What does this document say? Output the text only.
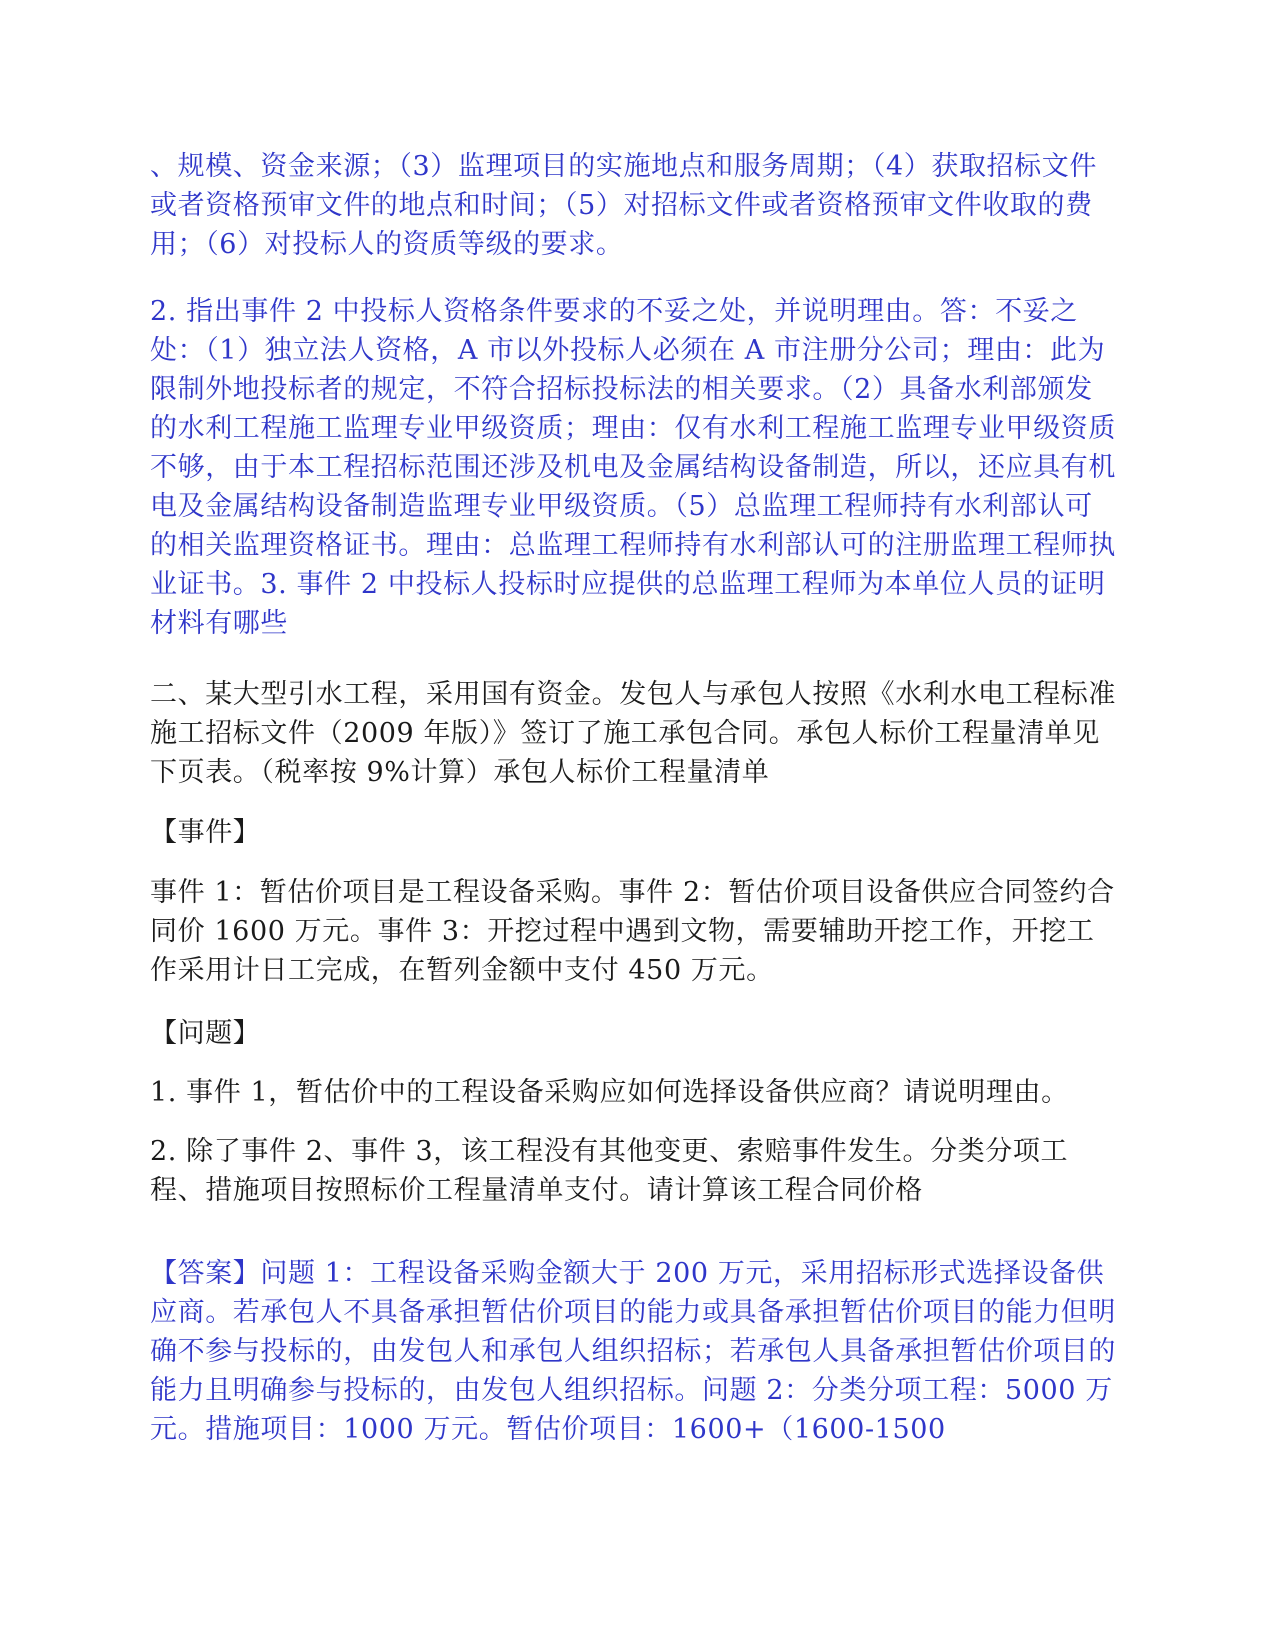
、规模、资金来源；（3）监理项目的实施地点和服务周期；（4）获取招标文件或者资格预审文件的地点和时间；（5）对招标文件或者资格预审文件收取的费用；（6）对投标人的资质等级的要求。

2. 指出事件 2 中投标人资格条件要求的不妥之处，并说明理由。答：不妥之处：（1）独立法人资格，A 市以外投标人必须在 A 市注册分公司；理由：此为限制外地投标者的规定，不符合招标投标法的相关要求。（2）具备水利部颁发的水利工程施工监理专业甲级资质；理由：仅有水利工程施工监理专业甲级资质不够，由于本工程招标范围还涉及机电及金属结构设备制造，所以，还应具有机电及金属结构设备制造监理专业甲级资质。（5）总监理工程师持有水利部认可的相关监理资格证书。理由：总监理工程师持有水利部认可的注册监理工程师执业证书。3. 事件 2 中投标人投标时应提供的总监理工程师为本单位人员的证明材料有哪些

二、某大型引水工程，采用国有资金。发包人与承包人按照《水利水电工程标准施工招标文件（2009 年版）》签订了施工承包合同。承包人标价工程量清单见下页表。（税率按 9%计算）承包人标价工程量清单

【事件】

事件 1：暂估价项目是工程设备采购。事件 2：暂估价项目设备供应合同签约合同价 1600 万元。事件 3：开挖过程中遇到文物，需要辅助开挖工作，开挖工作采用计日工完成，在暂列金额中支付 450 万元。

【问题】

1. 事件 1，暂估价中的工程设备采购应如何选择设备供应商？请说明理由。

2. 除了事件 2、事件 3，该工程没有其他变更、索赔事件发生。分类分项工程、措施项目按照标价工程量清单支付。请计算该工程合同价格

【答案】问题 1：工程设备采购金额大于 200 万元，采用招标形式选择设备供应商。若承包人不具备承担暂估价项目的能力或具备承担暂估价项目的能力但明确不参与投标的，由发包人和承包人组织招标；若承包人具备承担暂估价项目的能力且明确参与投标的，由发包人组织招标。问题 2：分类分项工程：5000 万元。措施项目：1000 万元。暂估价项目：1600+（1600-1500
